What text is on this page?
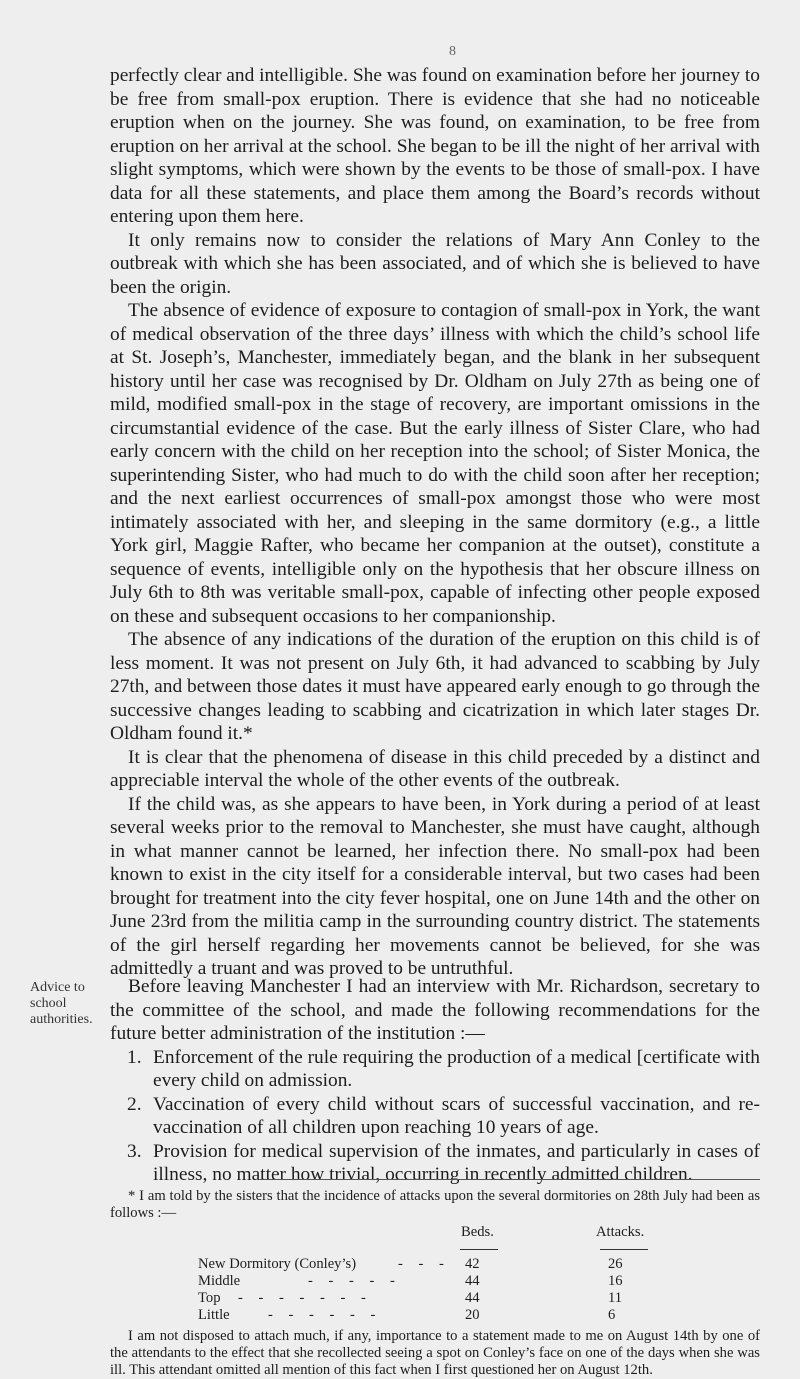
8

perfectly clear and intelligible. She was found on examination before her journey to be free from small-pox eruption. There is evidence that she had no noticeable eruption when on the journey. She was found, on examination, to be free from eruption on her arrival at the school. She began to be ill the night of her arrival with slight symptoms, which were shown by the events to be those of small-pox. I have data for all these statements, and place them among the Board’s records without entering upon them here.

It only remains now to consider the relations of Mary Ann Conley to the outbreak with which she has been associated, and of which she is believed to have been the origin.

The absence of evidence of exposure to contagion of small-pox in York, the want of medical observation of the three days’ illness with which the child’s school life at St. Joseph’s, Manchester, immediately began, and the blank in her subsequent history until her case was recognised by Dr. Oldham on July 27th as being one of mild, modified small-pox in the stage of recovery, are important omissions in the circumstantial evidence of the case. But the early illness of Sister Clare, who had early concern with the child on her reception into the school; of Sister Monica, the superintending Sister, who had much to do with the child soon after her reception; and the next earliest occurrences of small-pox amongst those who were most intimately associated with her, and sleeping in the same dormitory (e.g., a little York girl, Maggie Rafter, who became her companion at the outset), constitute a sequence of events, intelligible only on the hypothesis that her obscure illness on July 6th to 8th was veritable small-pox, capable of infecting other people exposed on these and subsequent occasions to her companionship.

The absence of any indications of the duration of the eruption on this child is of less moment. It was not present on July 6th, it had advanced to scabbing by July 27th, and between those dates it must have appeared early enough to go through the successive changes leading to scabbing and cicatrization in which later stages Dr. Oldham found it.*

It is clear that the phenomena of disease in this child preceded by a distinct and appreciable interval the whole of the other events of the outbreak.

If the child was, as she appears to have been, in York during a period of at least several weeks prior to the removal to Manchester, she must have caught, although in what manner cannot be learned, her infection there. No small-pox had been known to exist in the city itself for a considerable interval, but two cases had been brought for treatment into the city fever hospital, one on June 14th and the other on June 23rd from the militia camp in the surrounding country district. The statements of the girl herself regarding her movements cannot be believed, for she was admittedly a truant and was proved to be untruthful.

Advice to school authorities.

Before leaving Manchester I had an interview with Mr. Richardson, secretary to the committee of the school, and made the following recommendations for the future better administration of the institution :—

1. Enforcement of the rule requiring the production of a medical [certificate with every child on admission.
2. Vaccination of every child without scars of successful vaccination, and re-vaccination of all children upon reaching 10 years of age.
3. Provision for medical supervision of the inmates, and particularly in cases of illness, no matter how trivial, occurring in recently admitted children.

* I am told by the sisters that the incidence of attacks upon the several dormitories on 28th July had been as follows :—

Beds.	Attacks.
New Dormitory (Conley’s)	- - - 42	26
Middle	- - - - -	44	16
Top - - - - - - -	44	11
Little	- - - - - -	20	6

I am not disposed to attach much, if any, importance to a statement made to me on August 14th by one of the attendants to the effect that she recollected seeing a spot on Conley’s face on one of the days when she was ill. This attendant omitted all mention of this fact when I first questioned her on August 12th.
